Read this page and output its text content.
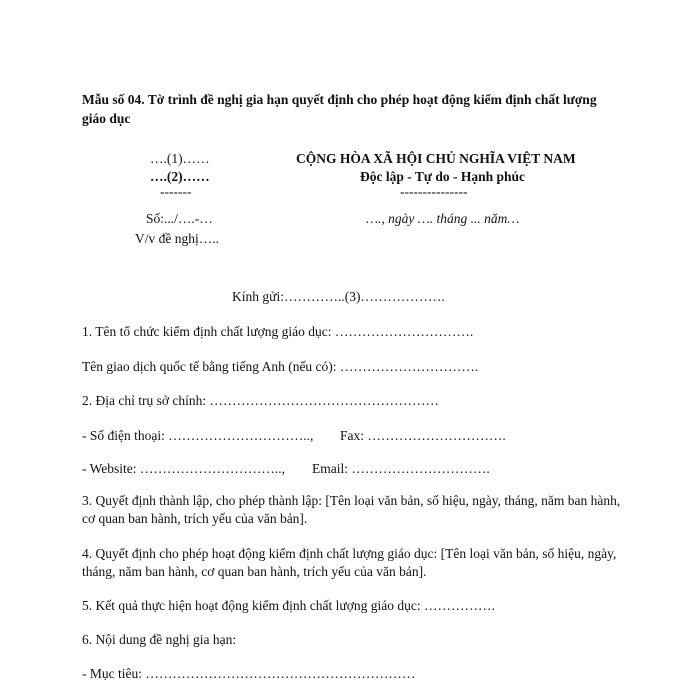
Mẫu số 04. Tờ trình đề nghị gia hạn quyết định cho phép hoạt động kiểm định chất lượng giáo dục
….(1)……
….(2)……
-------
Số:.../….-…
V/v đề nghị…..
CỘNG HÒA XÃ HỘI CHỦ NGHĨA VIỆT NAM
Độc lập - Tự do - Hạnh phúc
---------------
…., ngày …. tháng ... năm…
Kính gửi:…………..(3)……………….
1. Tên tổ chức kiểm định chất lượng giáo dục: ………………………….
Tên giao dịch quốc tế bằng tiếng Anh (nếu có): ………………………….
2. Địa chỉ trụ sở chính: ……………………………………………
- Số điện thoại: ………………………….., Fax: ………………………….
- Website: ………………………….., Email: ………………………….
3. Quyết định thành lập, cho phép thành lập: [Tên loại văn bản, số hiệu, ngày, tháng, năm ban hành, cơ quan ban hành, trích yếu của văn bản].
4. Quyết định cho phép hoạt động kiểm định chất lượng giáo dục: [Tên loại văn bản, số hiệu, ngày, tháng, năm ban hành, cơ quan ban hành, trích yếu của văn bản].
5. Kết quả thực hiện hoạt động kiểm định chất lượng giáo dục: …………….
6. Nội dung đề nghị gia hạn:
- Mục tiêu: ……………………………………………………
